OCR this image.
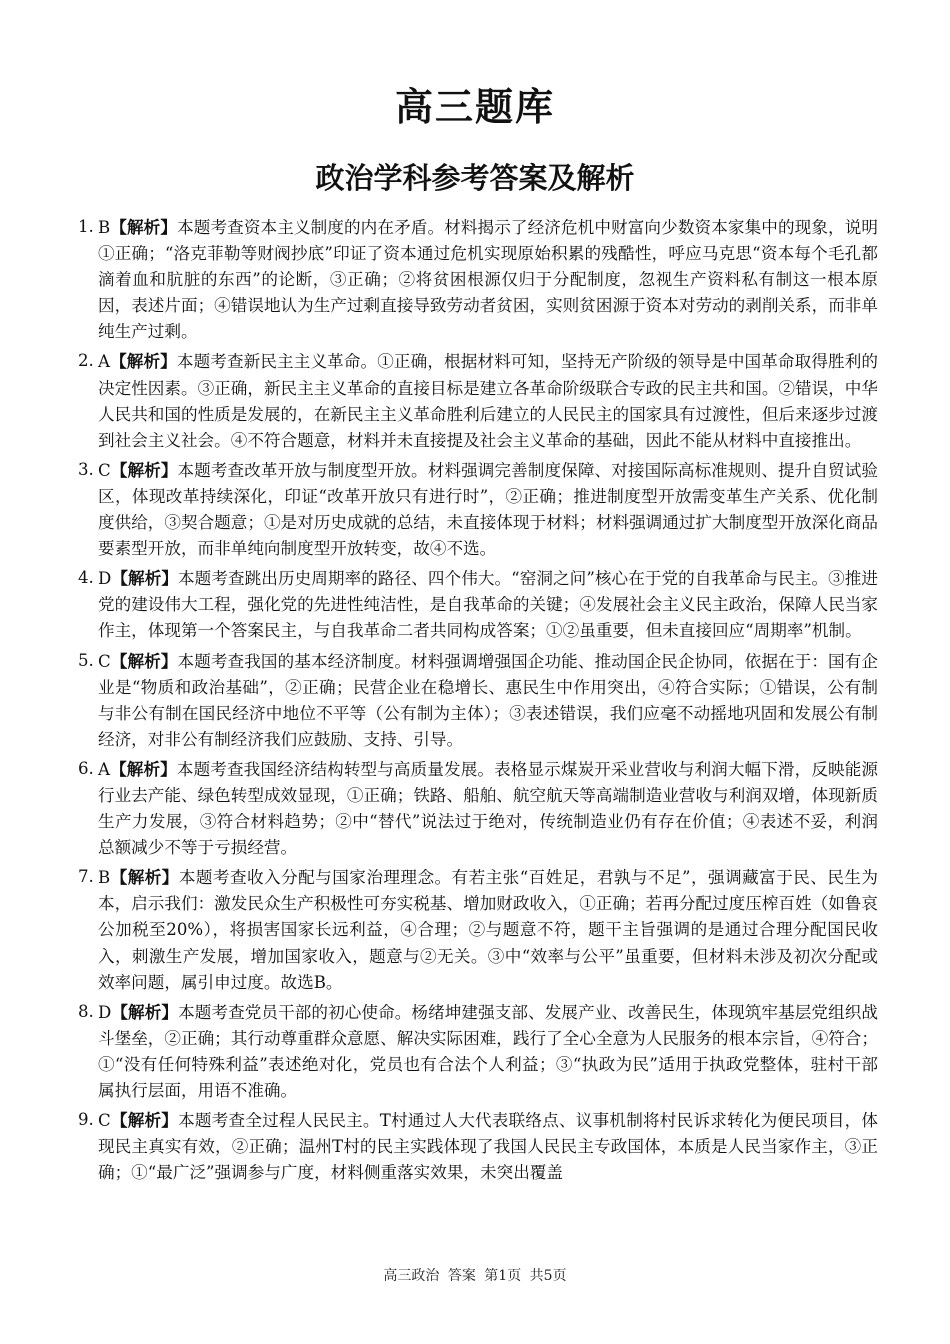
高三题库
政治学科参考答案及解析
1. B【解析】本题考查资本主义制度的内在矛盾。材料揭示了经济危机中财富向少数资本家集中的现象，说明①正确；“洛克菲勒等财阀抄底”印证了资本通过危机实现原始积累的残酷性，呼应马克思“资本每个毛孔都滴着血和肮脏的东西”的论断，③正确；②将贫困根源仅归于分配制度，忽视生产资料私有制这一根本原因，表述片面；④错误地认为生产过剩直接导致劳动者贫困，实则贫困源于资本对劳动的剥削关系，而非单纯生产过剩。
2. A【解析】本题考查新民主主义革命。①正确，根据材料可知，坚持无产阶级的领导是中国革命取得胜利的决定性因素。③正确，新民主主义革命的直接目标是建立各革命阶级联合专政的民主共和国。②错误，中华人民共和国的性质是发展的，在新民主主义革命胜利后建立的人民民主的国家具有过渡性，但后来逐步过渡到社会主义社会。④不符合题意，材料并未直接提及社会主义革命的基础，因此不能从材料中直接推出。
3. C【解析】本题考查改革开放与制度型开放。材料强调完善制度保障、对接国际高标准规则、提升自贸试验区，体现改革持续深化，印证“改革开放只有进行时”，②正确；推进制度型开放需变革生产关系、优化制度供给，③契合题意；①是对历史成就的总结，未直接体现于材料；材料强调通过扩大制度型开放深化商品要素型开放，而非单纯向制度型开放转变，故④不选。
4. D【解析】本题考查跳出历史周期率的路径、四个伟大。“窑洞之问”核心在于党的自我革命与民主。③推进党的建设伟大工程，强化党的先进性纯洁性，是自我革命的关键；④发展社会主义民主政治，保障人民当家作主，体现第一个答案民主，与自我革命二者共同构成答案；①②虽重要，但未直接回应“周期率”机制。
5. C【解析】本题考查我国的基本经济制度。材料强调增强国企功能、推动国企民企协同，依据在于：国有企业是“物质和政治基础”，②正确；民营企业在稳增长、惠民生中作用突出，④符合实际；①错误，公有制与非公有制在国民经济中地位不平等（公有制为主体）；③表述错误，我们应毫不动摇地巩固和发展公有制经济，对非公有制经济我们应鼓励、支持、引导。
6. A【解析】本题考查我国经济结构转型与高质量发展。表格显示煤炭开采业营收与利润大幅下滑，反映能源行业去产能、绿色转型成效显现，①正确；铁路、船舶、航空航天等高端制造业营收与利润双增，体现新质生产力发展，③符合材料趋势；②中“替代”说法过于绝对，传统制造业仍有存在价值；④表述不妥，利润总额减少不等于亏损经营。
7. B【解析】本题考查收入分配与国家治理理念。有若主张“百姓足，君孰与不足”，强调藏富于民、民生为本，启示我们：激发民众生产积极性可夯实税基、增加财政收入，①正确；若再分配过度压榨百姓（如鲁哀公加税至20%），将损害国家长远利益，④合理；②与题意不符，题干主旨强调的是通过合理分配国民收入，刺激生产发展，增加国家收入，题意与②无关。③中“效率与公平”虽重要，但材料未涉及初次分配或效率问题，属引申过度。故选B。
8. D【解析】本题考查党员干部的初心使命。杨绪坤建强支部、发展产业、改善民生，体现筑牢基层党组织战斗堡垒，②正确；其行动尊重群众意愿、解决实际困难，践行了全心全意为人民服务的根本宗旨，④符合；①“没有任何特殊利益”表述绝对化，党员也有合法个人利益；③“执政为民”适用于执政党整体，驻村干部属执行层面，用语不准确。
9. C【解析】本题考查全过程人民民主。T村通过人大代表联络点、议事机制将村民诉求转化为便民项目，体现民主真实有效，②正确；温州T村的民主实践体现了我国人民民主专政国体，本质是人民当家作主，③正确；①“最广泛”强调参与广度，材料侧重落实效果，未突出覆盖
高三政治 答案 第1页 共5页
